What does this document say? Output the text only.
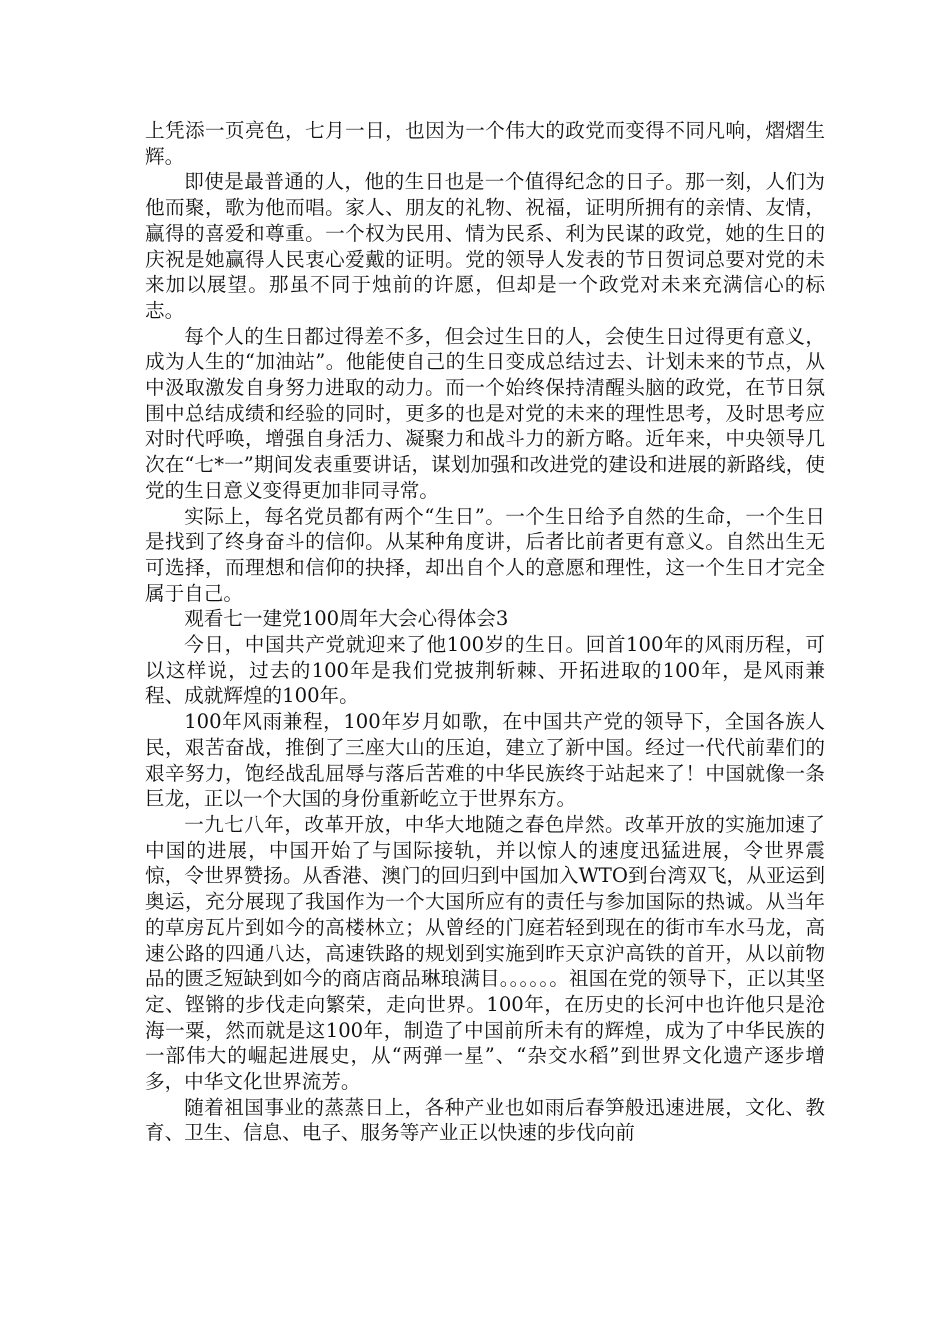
上凭添一页亮色，七月一日，也因为一个伟大的政党而变得不同凡响，熠熠生辉。

即使是最普通的人，他的生日也是一个值得纪念的日子。那一刻，人们为他而聚，歌为他而唱。家人、朋友的礼物、祝福，证明所拥有的亲情、友情，赢得的喜爱和尊重。一个权为民用、情为民系、利为民谋的政党，她的生日的庆祝是她赢得人民衷心爱戴的证明。党的领导人发表的节日贺词总要对党的未来加以展望。那虽不同于烛前的许愿，但却是一个政党对未来充满信心的标志。

每个人的生日都过得差不多，但会过生日的人，会使生日过得更有意义，成为人生的“加油站”。他能使自己的生日变成总结过去、计划未来的节点，从中汲取激发自身努力进取的动力。而一个始终保持清醒头脑的政党，在节日氛围中总结成绩和经验的同时，更多的也是对党的未来的理性思考，及时思考应对时代呼唤，增强自身活力、凝聚力和战斗力的新方略。近年来，中央领导几次在“七*一”期间发表重要讲话，谋划加强和改进党的建设和进展的新路线，使党的生日意义变得更加非同寻常。

实际上，每名党员都有两个“生日”。一个生日给予自然的生命，一个生日是找到了终身奋斗的信仰。从某种角度讲，后者比前者更有意义。自然出生无可选择，而理想和信仰的抉择，却出自个人的意愿和理性，这一个生日才完全属于自己。

观看七一建党100周年大会心得体会3

今日，中国共产党就迎来了他100岁的生日。回首100年的风雨历程，可以这样说，过去的100年是我们党披荆斩棘、开拓进取的100年，是风雨兼程、成就辉煌的100年。

100年风雨兼程，100年岁月如歌，在中国共产党的领导下，全国各族人民，艰苦奋战，推倒了三座大山的压迫，建立了新中国。经过一代代前辈们的艰辛努力，饱经战乱屈辱与落后苦难的中华民族终于站起来了！中国就像一条巨龙，正以一个大国的身份重新屹立于世界东方。

一九七八年，改革开放，中华大地随之春色岸然。改革开放的实施加速了中国的进展，中国开始了与国际接轨，并以惊人的速度迅猛进展，令世界震惊，令世界赞扬。从香港、澳门的回归到中国加入WTO到台湾双飞，从亚运到奥运，充分展现了我国作为一个大国所应有的责任与参加国际的热诚。从当年的草房瓦片到如今的高楼林立；从曾经的门庭若轻到现在的街市车水马龙，高速公路的四通八达，高速铁路的规划到实施到昨天京沪高铁的首开，从以前物品的匮乏短缺到如今的商店商品琳琅满目。。。。。。祖国在党的领导下，正以其坚定、铿锵的步伐走向繁荣，走向世界。100年，在历史的长河中也许他只是沧海一粟，然而就是这100年，制造了中国前所未有的辉煌，成为了中华民族的一部伟大的崛起进展史，从“两弹一星”、“杂交水稻”到世界文化遗产逐步增多，中华文化世界流芳。

随着祖国事业的蒸蒸日上，各种产业也如雨后春笋般迅速进展，文化、教育、卫生、信息、电子、服务等产业正以快速的步伐向前
